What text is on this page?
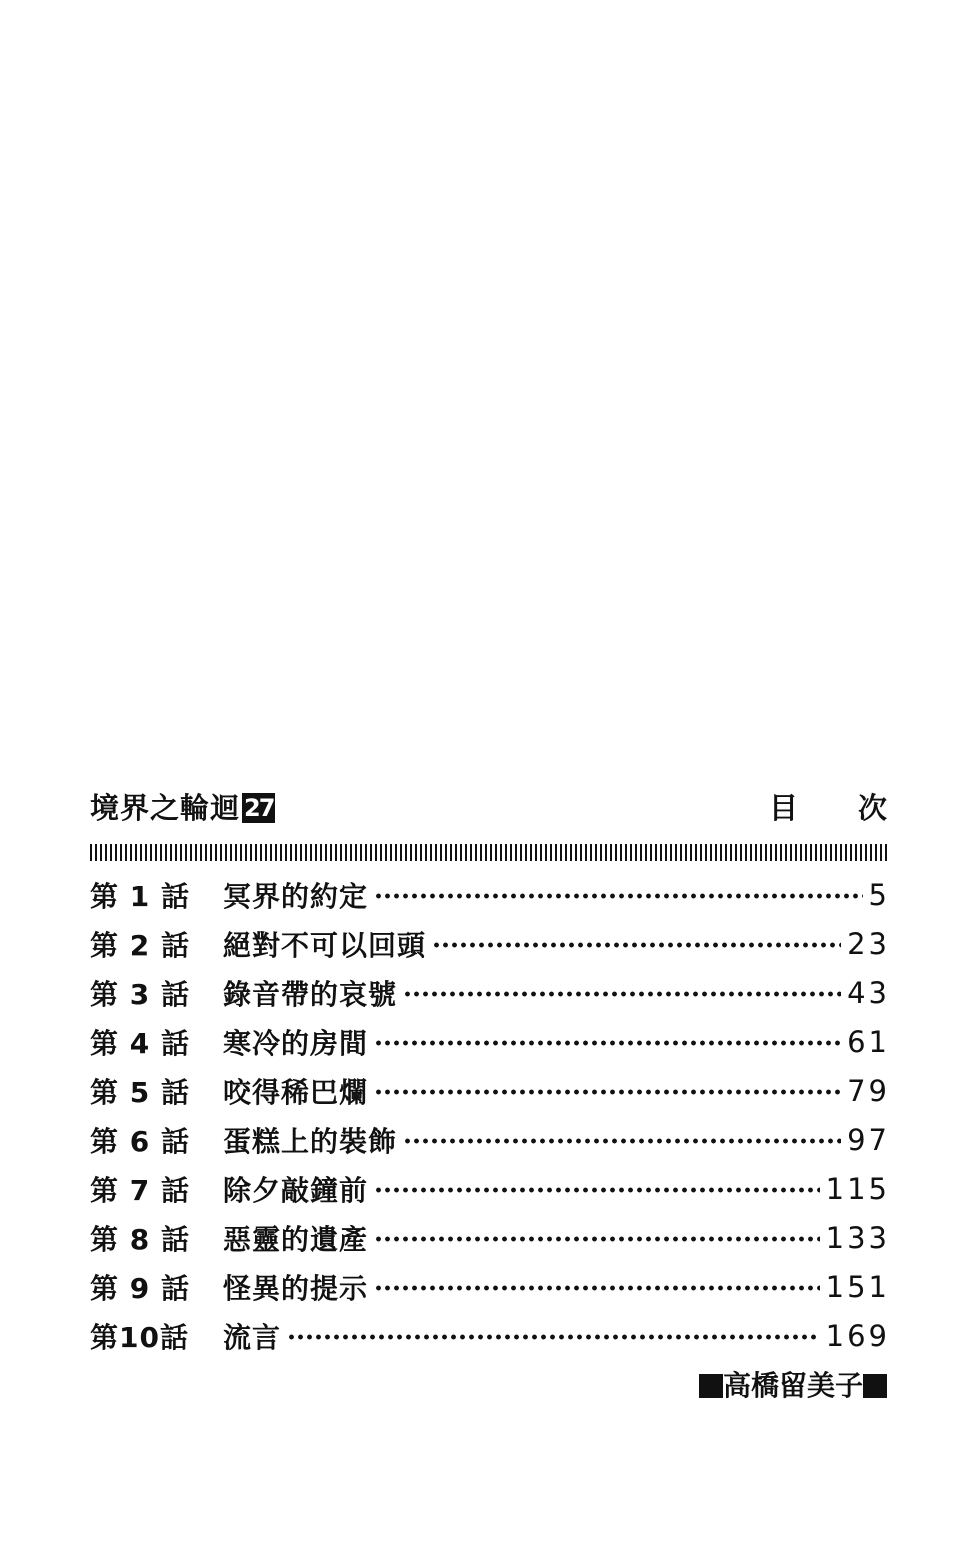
境界之輪迴 27	目次
第 1 話	冥界的約定	5
第 2 話	絕對不可以回頭	23
第 3 話	錄音帶的哀號	43
第 4 話	寒冷的房間	61
第 5 話	咬得稀巴爛	79
第 6 話	蛋糕上的裝飾	97
第 7 話	除夕敲鐘前	115
第 8 話	惡靈的遺產	133
第 9 話	怪異的提示	151
第10話	流言	169
高橋留美子
